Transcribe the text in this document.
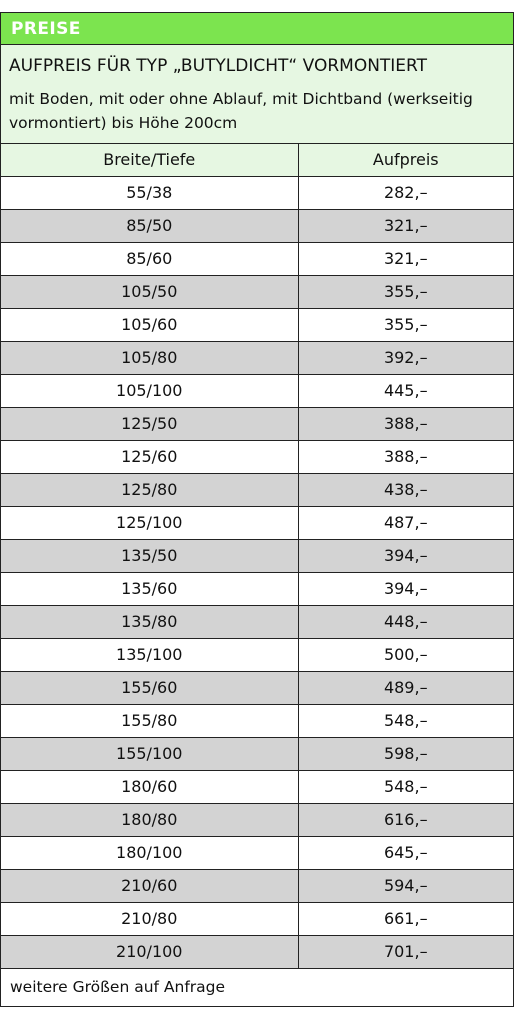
PREISE
AUFPREIS FÜR TYP „BUTYLDICHT“ VORMONTIERT
mit Boden, mit oder ohne Ablauf, mit Dichtband (werkseitig vormontiert) bis Höhe 200cm
Breite/Tiefe	Aufpreis
55/38	282,–
85/50	321,–
85/60	321,–
105/50	355,–
105/60	355,–
105/80	392,–
105/100	445,–
125/50	388,–
125/60	388,–
125/80	438,–
125/100	487,–
135/50	394,–
135/60	394,–
135/80	448,–
135/100	500,–
155/60	489,–
155/80	548,–
155/100	598,–
180/60	548,–
180/80	616,–
180/100	645,–
210/60	594,–
210/80	661,–
210/100	701,–
weitere Größen auf Anfrage
